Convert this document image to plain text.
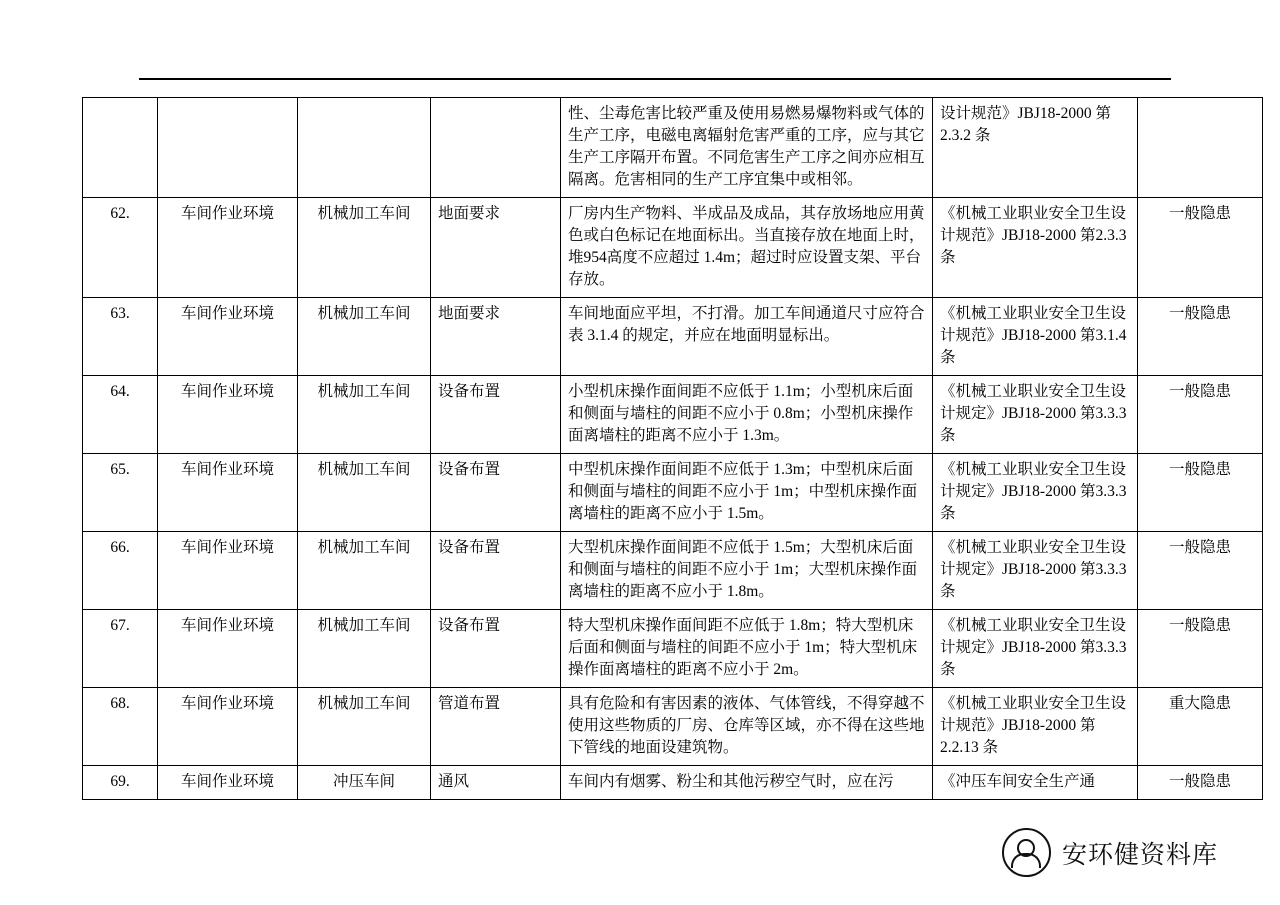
				性、尘毒危害比较严重及使用易燃易爆物料或气体的生产工序，电磁电离辐射危害严重的工序，应与其它生产工序隔开布置。不同危害生产工序之间亦应相互隔离。危害相同的生产工序宜集中或相邻。	设计规范》JBJ18-2000 第2.3.2 条	
62.	车间作业环境	机械加工车间	地面要求	厂房内生产物料、半成品及成品，其存放场地应用黄色或白色标记在地面标出。当直接存放在地面上时，堆954高度不应超过 1.4m；超过时应设置支架、平台存放。	《机械工业职业安全卫生设计规范》JBJ18-2000 第2.3.3 条	一般隐患
63.	车间作业环境	机械加工车间	地面要求	车间地面应平坦，不打滑。加工车间通道尺寸应符合表 3.1.4 的规定，并应在地面明显标出。	《机械工业职业安全卫生设计规范》JBJ18-2000 第3.1.4 条	一般隐患
64.	车间作业环境	机械加工车间	设备布置	小型机床操作面间距不应低于 1.1m；小型机床后面和侧面与墙柱的间距不应小于 0.8m；小型机床操作面离墙柱的距离不应小于 1.3m。	《机械工业职业安全卫生设计规定》JBJ18-2000 第3.3.3 条	一般隐患
65.	车间作业环境	机械加工车间	设备布置	中型机床操作面间距不应低于 1.3m；中型机床后面和侧面与墙柱的间距不应小于 1m；中型机床操作面离墙柱的距离不应小于 1.5m。	《机械工业职业安全卫生设计规定》JBJ18-2000 第3.3.3 条	一般隐患
66.	车间作业环境	机械加工车间	设备布置	大型机床操作面间距不应低于 1.5m；大型机床后面和侧面与墙柱的间距不应小于 1m；大型机床操作面离墙柱的距离不应小于 1.8m。	《机械工业职业安全卫生设计规定》JBJ18-2000 第3.3.3 条	一般隐患
67.	车间作业环境	机械加工车间	设备布置	特大型机床操作面间距不应低于 1.8m；特大型机床后面和侧面与墙柱的间距不应小于 1m；特大型机床操作面离墙柱的距离不应小于 2m。	《机械工业职业安全卫生设计规定》JBJ18-2000 第3.3.3 条	一般隐患
68.	车间作业环境	机械加工车间	管道布置	具有危险和有害因素的液体、气体管线，不得穿越不使用这些物质的厂房、仓库等区域，亦不得在这些地下管线的地面设建筑物。	《机械工业职业安全卫生设计规范》JBJ18-2000 第2.2.13 条	重大隐患
69.	车间作业环境	冲压车间	通风	车间内有烟雾、粉尘和其他污秽空气时，应在污	《冲压车间安全生产通	一般隐患
安环健资料库
